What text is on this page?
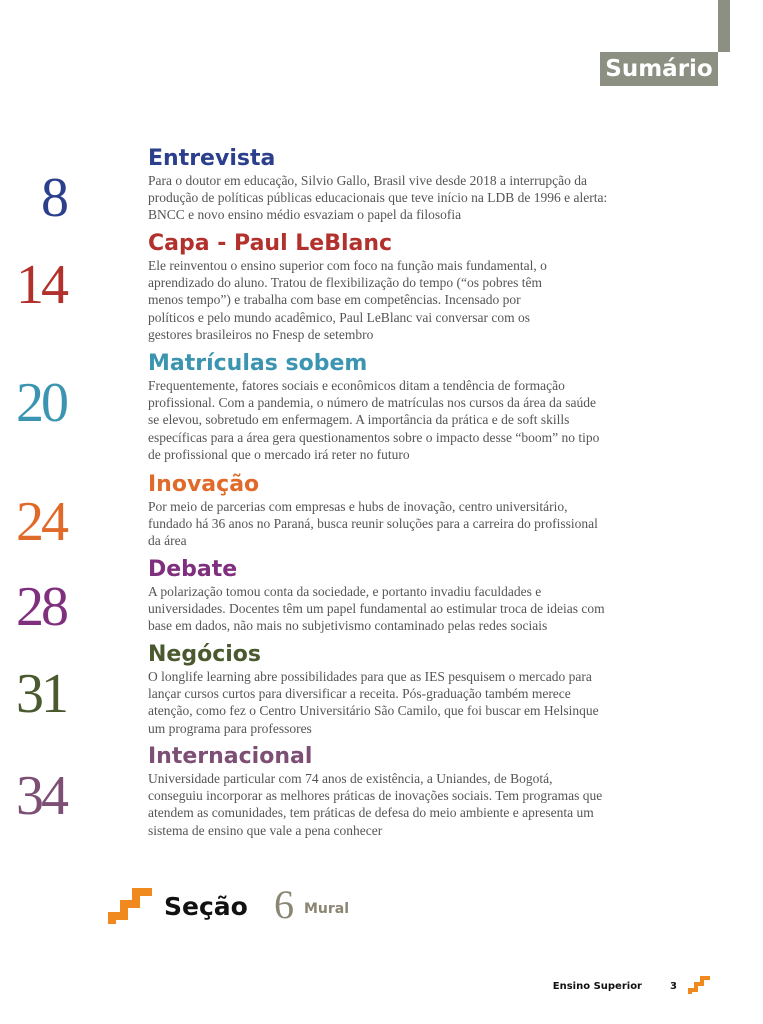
Sumário
8
Entrevista

Para o doutor em educação, Silvio Gallo, Brasil vive desde 2018 a interrupção da produção de políticas públicas educacionais que teve início na LDB de 1996 e alerta: BNCC e novo ensino médio esvaziam o papel da filosofia

14
Capa - Paul LeBlanc

Ele reinventou o ensino superior com foco na função mais fundamental, o aprendizado do aluno. Tratou de flexibilização do tempo (“os pobres têm menos tempo”) e trabalha com base em competências. Incensado por políticos e pelo mundo acadêmico, Paul LeBlanc vai conversar com os gestores brasileiros no Fnesp de setembro

20
Matrículas sobem

Frequentemente, fatores sociais e econômicos ditam a tendência de formação profissional. Com a pandemia, o número de matrículas nos cursos da área da saúde se elevou, sobretudo em enfermagem. A importância da prática e de soft skills específicas para a área gera questionamentos sobre o impacto desse “boom” no tipo de profissional que o mercado irá reter no futuro

24
Inovação

Por meio de parcerias com empresas e hubs de inovação, centro universitário, fundado há 36 anos no Paraná, busca reunir soluções para a carreira do profissional da área

28
Debate

A polarização tomou conta da sociedade, e portanto invadiu faculdades e universidades. Docentes têm um papel fundamental ao estimular troca de ideias com base em dados, não mais no subjetivismo contaminado pelas redes sociais

31
Negócios

O longlife learning abre possibilidades para que as IES pesquisem o mercado para lançar cursos curtos para diversificar a receita. Pós-graduação também merece atenção, como fez o Centro Universitário São Camilo, que foi buscar em Helsinque um programa para professores

34
Internacional

Universidade particular com 74 anos de existência, a Uniandes, de Bogotá, conseguiu incorporar as melhores práticas de inovações sociais. Tem programas que atendem as comunidades, tem práticas de defesa do meio ambiente e apresenta um sistema de ensino que vale a pena conhecer

Seção 6 Mural
Ensino Superior	3
